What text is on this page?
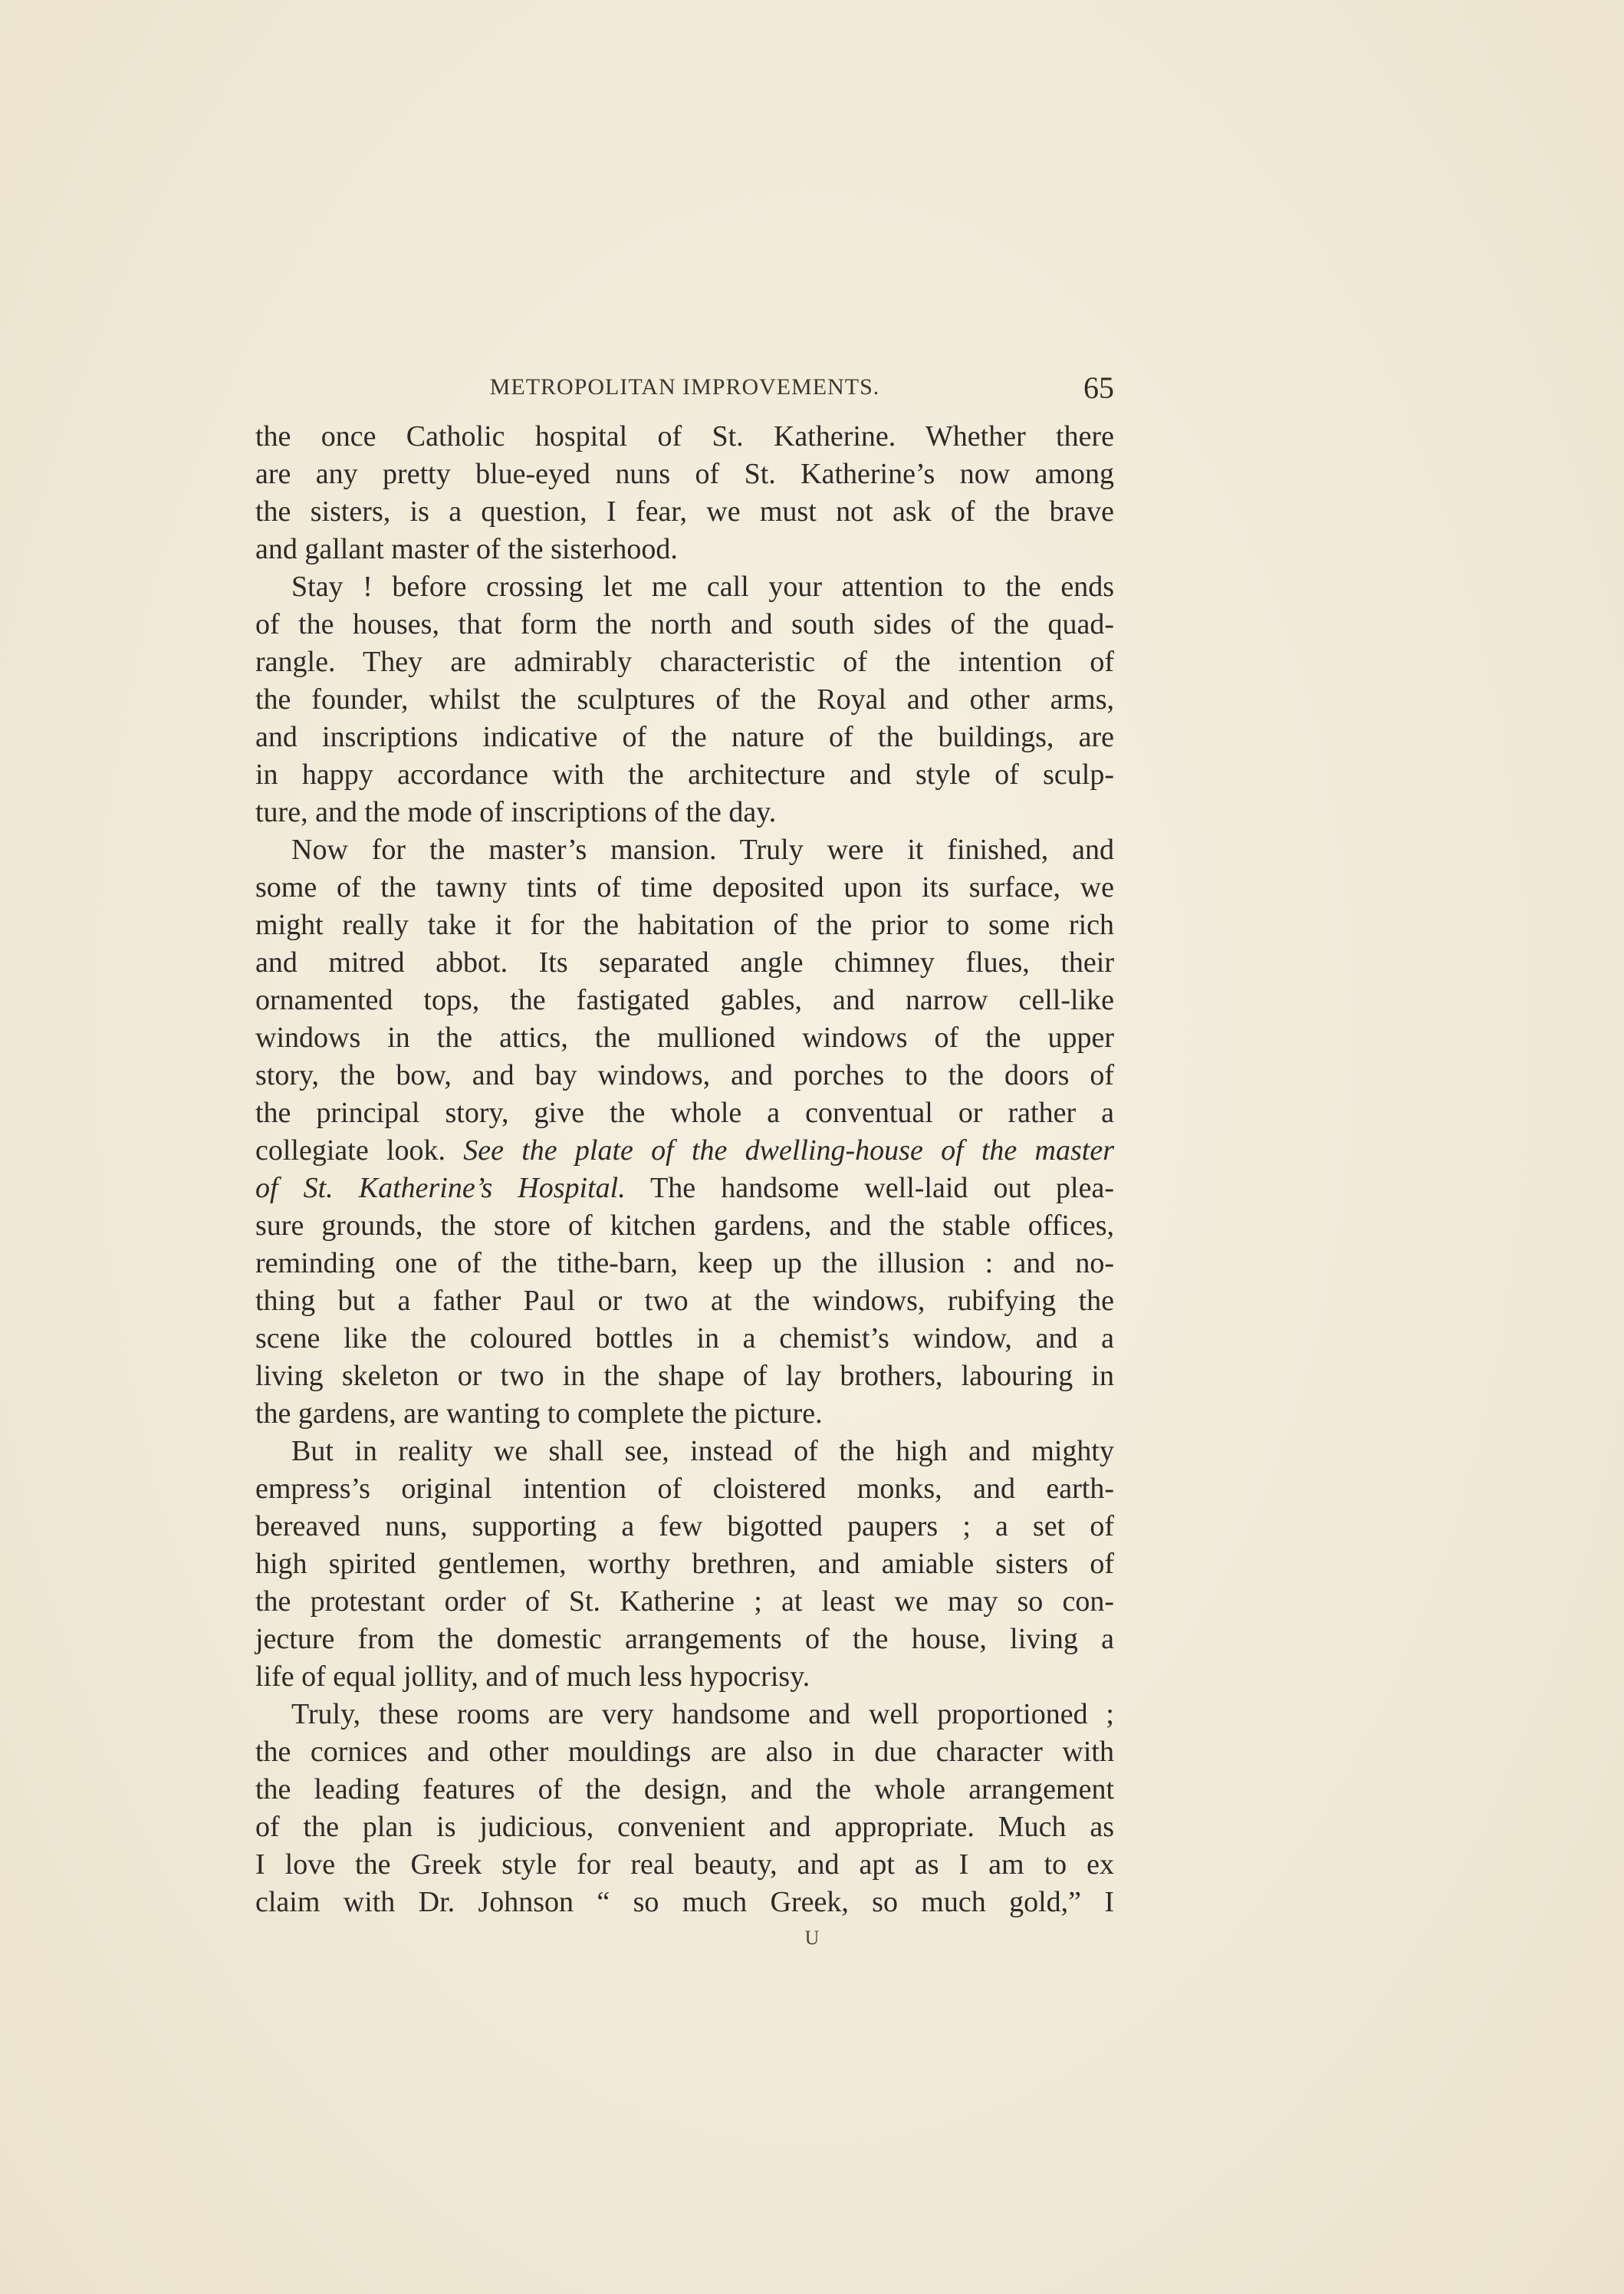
METROPOLITAN IMPROVEMENTS.	65
the once Catholic hospital of St. Katherine. Whether there
are any pretty blue-eyed nuns of St. Katherine’s now among
the sisters, is a question, I fear, we must not ask of the brave
and gallant master of the sisterhood.
Stay ! before crossing let me call your attention to the ends
of the houses, that form the north and south sides of the quad-
rangle. They are admirably characteristic of the intention of
the founder, whilst the sculptures of the Royal and other arms,
and inscriptions indicative of the nature of the buildings, are
in happy accordance with the architecture and style of sculp-
ture, and the mode of inscriptions of the day.
Now for the master’s mansion. Truly were it finished, and
some of the tawny tints of time deposited upon its surface, we
might really take it for the habitation of the prior to some rich
and mitred abbot. Its separated angle chimney flues, their
ornamented tops, the fastigated gables, and narrow cell-like
windows in the attics, the mullioned windows of the upper
story, the bow, and bay windows, and porches to the doors of
the principal story, give the whole a conventual or rather a
collegiate look. See the plate of the dwelling-house of the master
of St. Katherine’s Hospital. The handsome well-laid out plea-
sure grounds, the store of kitchen gardens, and the stable offices,
reminding one of the tithe-barn, keep up the illusion : and no-
thing but a father Paul or two at the windows, rubifying the
scene like the coloured bottles in a chemist’s window, and a
living skeleton or two in the shape of lay brothers, labouring in
the gardens, are wanting to complete the picture.
But in reality we shall see, instead of the high and mighty
empress’s original intention of cloistered monks, and earth-
bereaved nuns, supporting a few bigotted paupers ; a set of
high spirited gentlemen, worthy brethren, and amiable sisters of
the protestant order of St. Katherine ; at least we may so con-
jecture from the domestic arrangements of the house, living a
life of equal jollity, and of much less hypocrisy.
Truly, these rooms are very handsome and well proportioned ;
the cornices and other mouldings are also in due character with
the leading features of the design, and the whole arrangement
of the plan is judicious, convenient and appropriate. Much as
I love the Greek style for real beauty, and apt as I am to ex
claim with Dr. Johnson “ so much Greek, so much gold,” I
U
